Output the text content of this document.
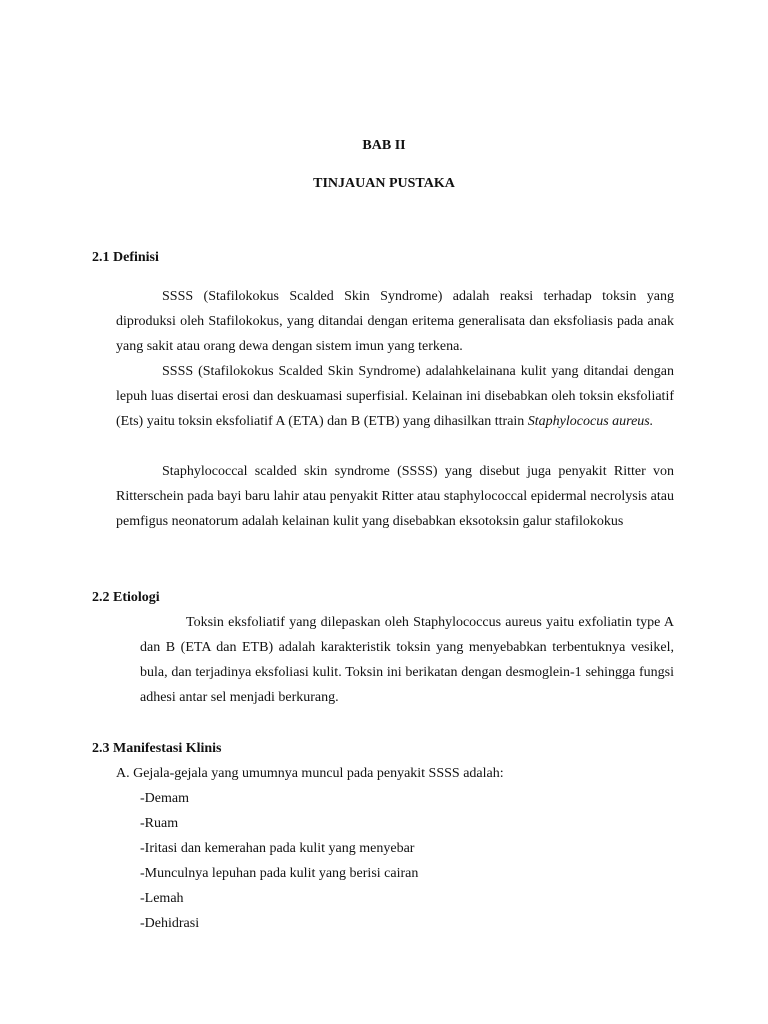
BAB II
TINJAUAN PUSTAKA
2.1 Definisi
SSSS (Stafilokokus Scalded Skin Syndrome) adalah reaksi terhadap toksin yang diproduksi oleh Stafilokokus, yang ditandai dengan eritema generalisata dan eksfoliasis pada anak yang sakit atau orang dewa dengan sistem imun yang terkena.
SSSS (Stafilokokus Scalded Skin Syndrome) adalahkelainana kulit yang ditandai dengan lepuh luas disertai erosi dan deskuamasi superfisial. Kelainan ini disebabkan oleh toksin eksfoliatif (Ets) yaitu toksin eksfoliatif A (ETA) dan B (ETB) yang dihasilkan ttrain Staphylococus aureus.
Staphylococcal scalded skin syndrome (SSSS) yang disebut juga penyakit Ritter von Ritterschein pada bayi baru lahir atau penyakit Ritter atau staphylococcal epidermal necrolysis atau pemfigus neonatorum adalah kelainan kulit yang disebabkan eksotoksin galur stafilokokus
2.2 Etiologi
Toksin eksfoliatif yang dilepaskan oleh Staphylococcus aureus yaitu exfoliatin type A dan B (ETA dan ETB) adalah karakteristik toksin yang menyebabkan terbentuknya vesikel, bula, dan terjadinya eksfoliasi kulit. Toksin ini berikatan dengan desmoglein-1 sehingga fungsi adhesi antar sel menjadi berkurang.
2.3 Manifestasi Klinis
A. Gejala-gejala yang umumnya muncul pada penyakit SSSS adalah:
-Demam
-Ruam
-Iritasi dan kemerahan pada kulit yang menyebar
-Munculnya lepuhan pada kulit yang berisi cairan
-Lemah
-Dehidrasi
